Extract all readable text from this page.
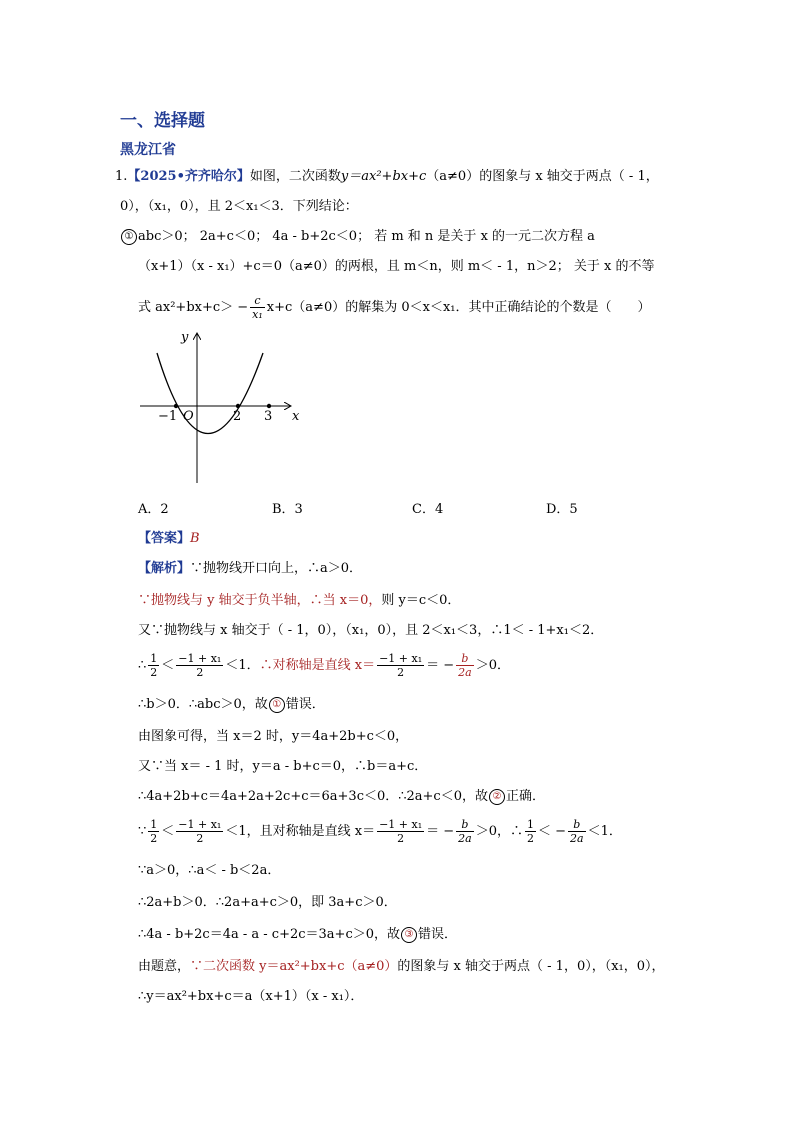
一、选择题
黑龙江省
1.【2025•齐齐哈尔】如图，二次函数y＝ax²+bx+c（a≠0）的图象与 x 轴交于两点（ - 1，
0），（x₁，0），且 2＜x₁＜3．下列结论：
① abc＞0； 2a+c＜0； 4a - b+2c＜0； 若 m 和 n 是关于 x 的一元二次方程 a
（x+1）（x - x₁）+c＝0（a≠0）的两根，且 m＜n，则 m＜ - 1，n＞2； 关于 x 的不等
式 $ax^2+bx+c> - \frac{c}{\text{x₁}} x+c(a\ne 0)$的解集为 0＜x＜x₁．其中正确结论的个数是（　　）
y
x
O
−1	2 3
A．2	B．3	C．4	D．5
【答案】B
【解析】∵抛物线开口向上，∴a＞0．
∵抛物线与 y 轴交于负半轴，∴当 x＝0，则 y＝c＜0．
又∵抛物线与 x 轴交于（ - 1，0），（x₁，0），且 2＜x₁＜3，∴1＜ - 1+x₁＜2．
∴ $\frac{1}{2} < \frac{\text{−1 + x₁}}{2} <1$．∴对称轴是直线 $x= \frac{\text{−1 + x₁}}{2}$ ＝ − $\frac{b}{2a} >0$．
∴b＞0．∴abc＞0，故 ① 错误．
由图象可得，当 x＝2 时，y＝4a+2b+c＜0，
又∵当 x＝ - 1 时，y＝a - b+c＝0，∴b＝a+c．
∴4a+2b+c＝4a+2a+2c+c＝6a+3c＜0．∴2a+c＜0，故 ② 正确．
∵ $\frac{1}{2} < \frac{\text{−1 + x₁}}{2} <1$，且对称轴是直线 $x= \frac{\text{−1 + x₁}}{2}$ ＝ − $\frac{b}{2a} >0$，∴ $\frac{1}{2}$ ＜ − $\frac{b}{2a} <1$．
∵a＞0，∴a＜ - b＜2a．
∴2a+b＞0．∴2a+a+c＞0，即 3a+c＞0．
∴4a - b+2c＝4a - a - c+2c＝3a+c＞0，故 ③ 错误．
由题意，∵二次函数 y＝ax²+bx+c（a≠0）的图象与 x 轴交于两点（ - 1，0），（x₁，0），
∴y＝ax²+bx+c＝a（x+1）（x - x₁）．
